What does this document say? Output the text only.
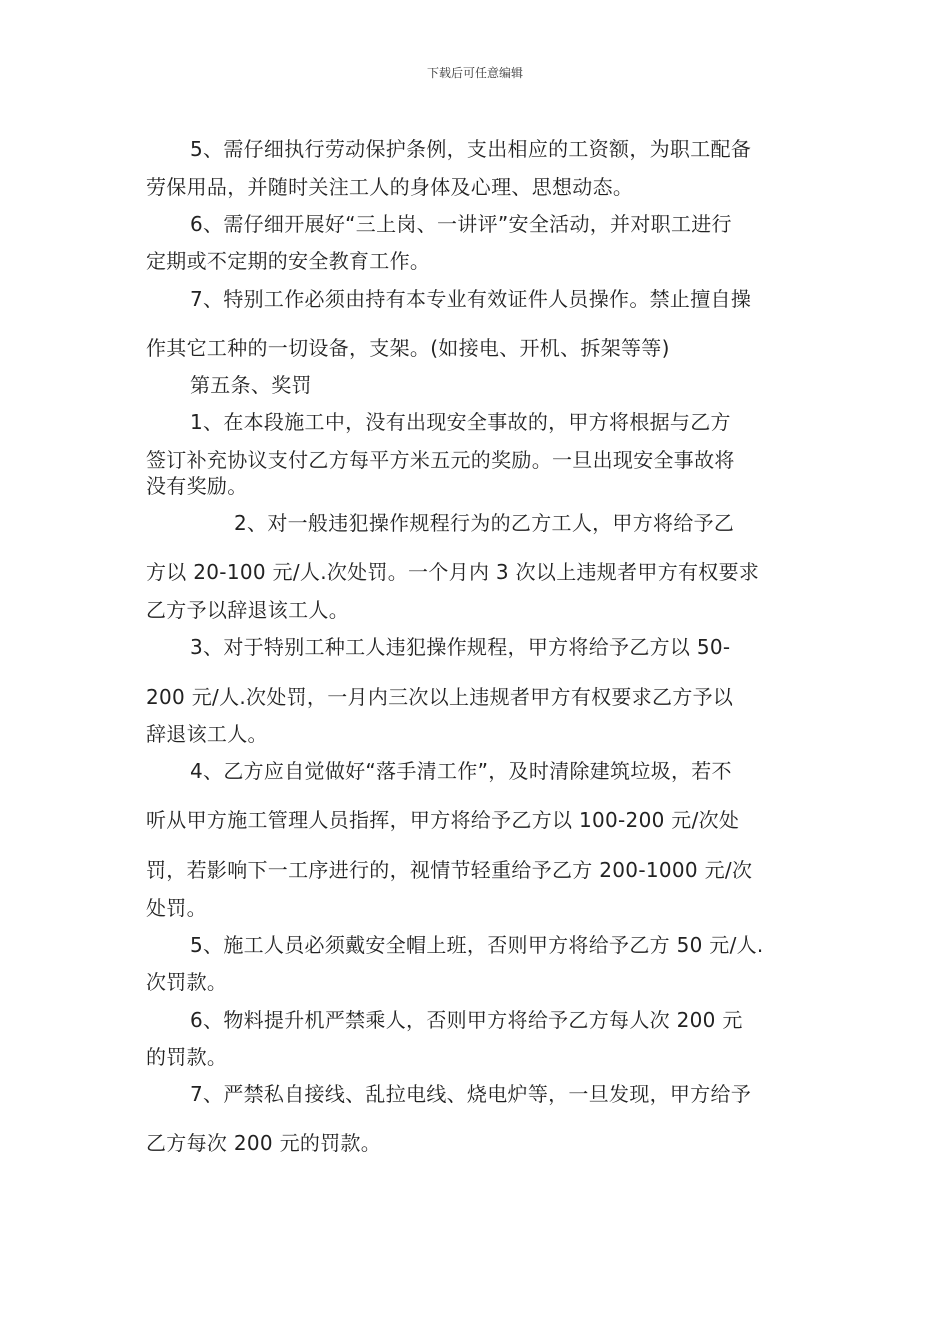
下载后可任意编辑
5、需仔细执行劳动保护条例，支出相应的工资额，为职工配备
劳保用品，并随时关注工人的身体及心理、思想动态。
6、需仔细开展好“三上岗、一讲评”安全活动，并对职工进行
定期或不定期的安全教育工作。
7、特别工作必须由持有本专业有效证件人员操作。禁止擅自操
作其它工种的一切设备，支架。(如接电、开机、拆架等等)
第五条、奖罚
1、在本段施工中，没有出现安全事故的，甲方将根据与乙方
签订补充协议支付乙方每平方米五元的奖励。一旦出现安全事故将
没有奖励。
2、对一般违犯操作规程行为的乙方工人，甲方将给予乙
方以 20-100 元/人.次处罚。一个月内 3 次以上违规者甲方有权要求
乙方予以辞退该工人。
3、对于特别工种工人违犯操作规程，甲方将给予乙方以 50-
200 元/人.次处罚，一月内三次以上违规者甲方有权要求乙方予以
辞退该工人。
4、乙方应自觉做好“落手清工作”，及时清除建筑垃圾，若不
听从甲方施工管理人员指挥，甲方将给予乙方以 100-200 元/次处
罚，若影响下一工序进行的，视情节轻重给予乙方 200-1000 元/次
处罚。
5、施工人员必须戴安全帽上班，否则甲方将给予乙方 50 元/人.
次罚款。
6、物料提升机严禁乘人，否则甲方将给予乙方每人次 200 元
的罚款。
7、严禁私自接线、乱拉电线、烧电炉等，一旦发现，甲方给予
乙方每次 200 元的罚款。
